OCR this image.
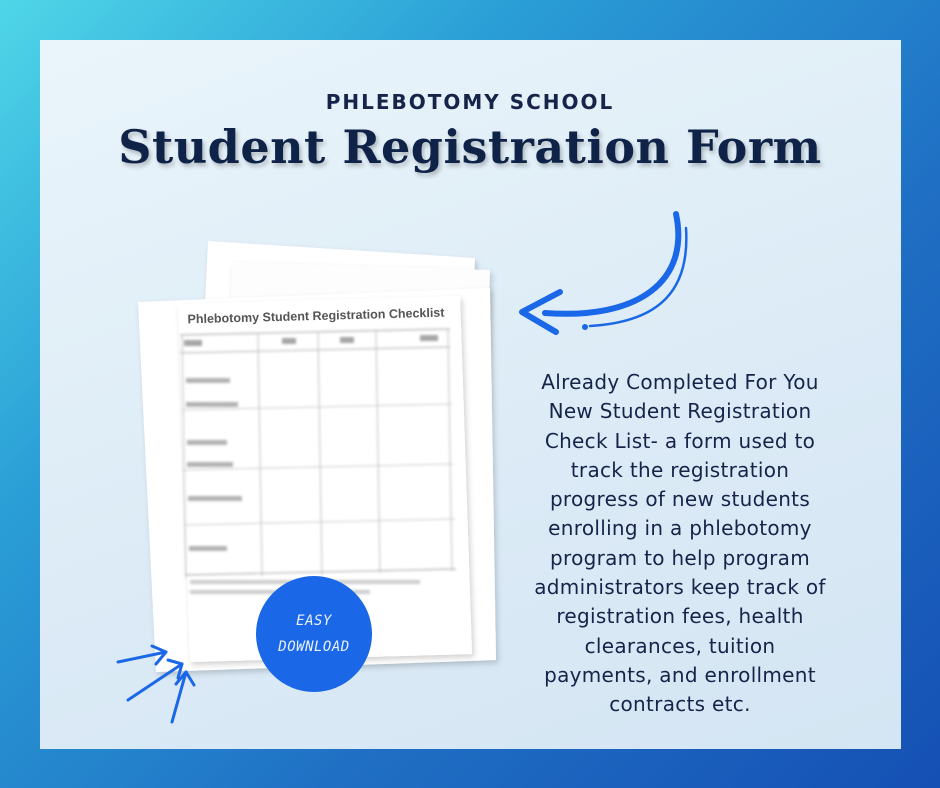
PHLEBOTOMY SCHOOL
Student Registration Form
Phlebotomy Student Registration Checklist
EASY
DOWNLOAD
Already Completed For You
New Student Registration
Check List- a form used to
track the registration
progress of new students
enrolling in a phlebotomy
program to help program
administrators keep track of
registration fees, health
clearances, tuition
payments, and enrollment
contracts etc.
